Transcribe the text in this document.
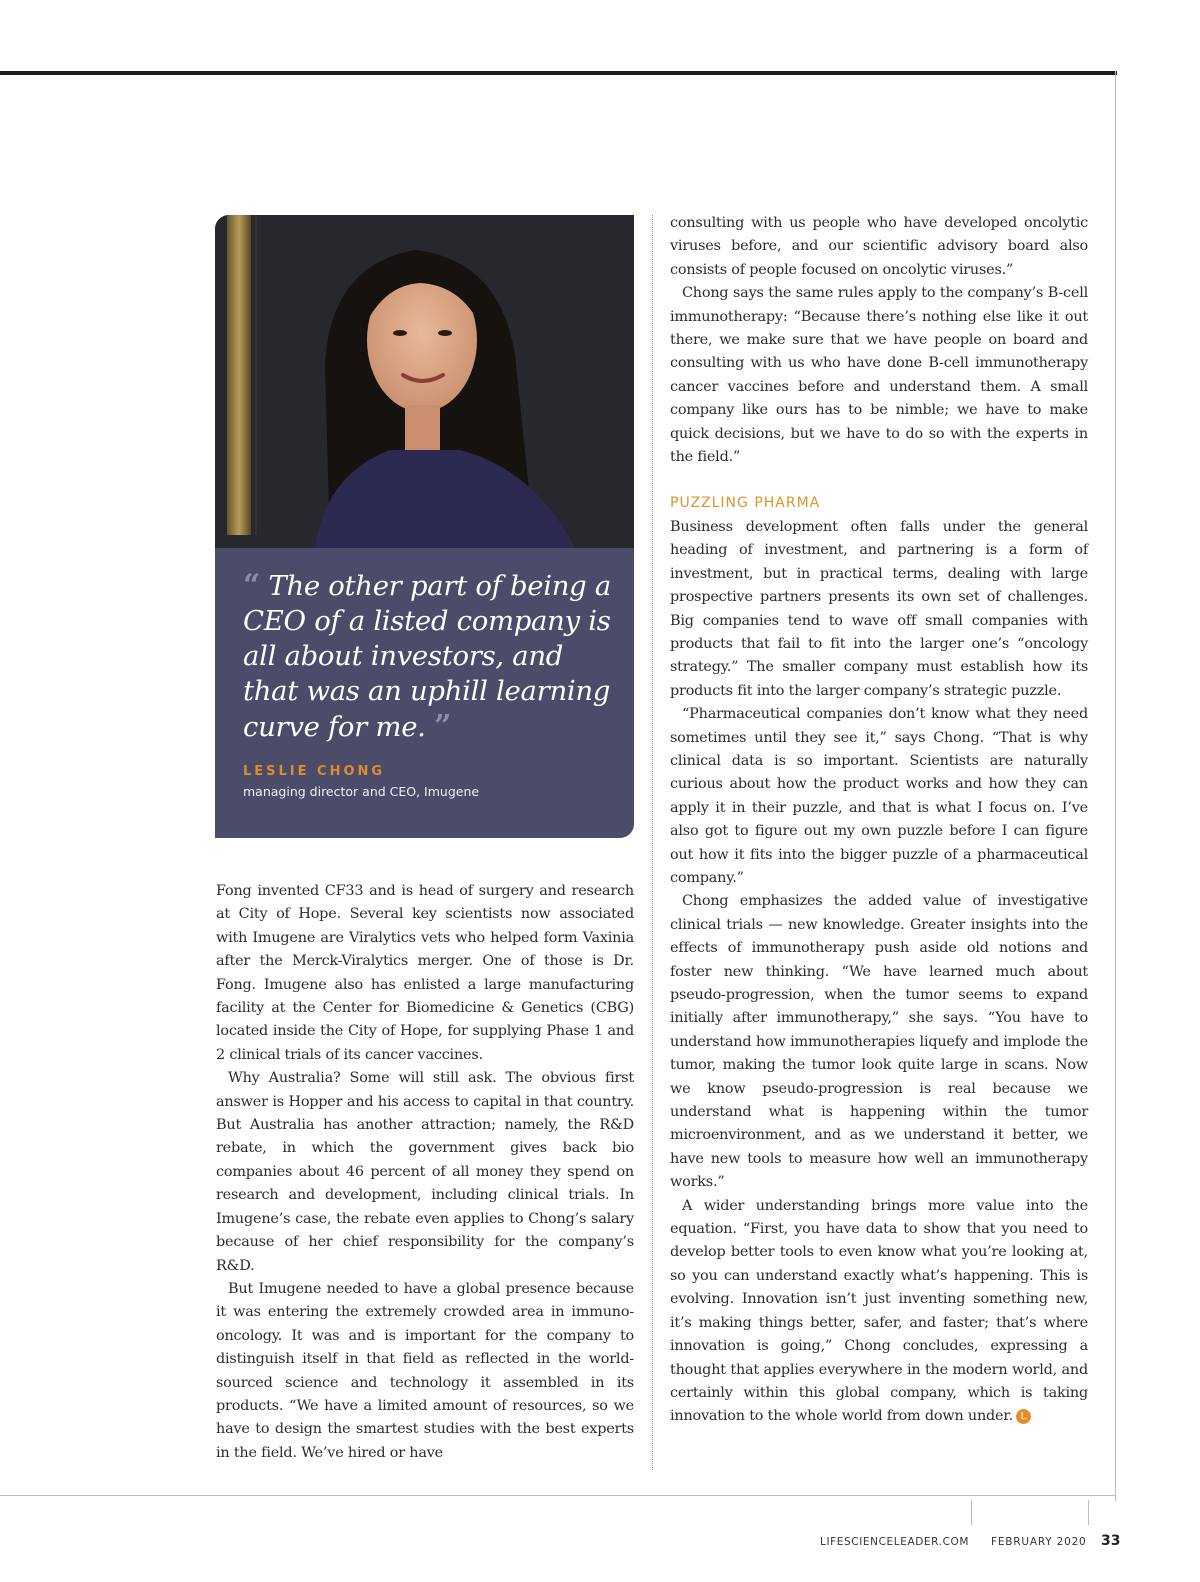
“ The other part of being a CEO of a listed company is all about investors, and that was an uphill learning curve for me. ”
LESLIE CHONG
managing director and CEO, Imugene

Fong invented CF33 and is head of surgery and research at City of Hope. Several key scientists now associated with Imugene are Viralytics vets who helped form Vaxinia after the Merck-Viralytics merger. One of those is Dr. Fong. Imugene also has enlisted a large manufacturing facility at the Center for Biomedicine & Genetics (CBG) located inside the City of Hope, for supplying Phase 1 and 2 clinical trials of its cancer vaccines.

Why Australia? Some will still ask. The obvious first answer is Hopper and his access to capital in that country. But Australia has another attraction; namely, the R&D rebate, in which the government gives back bio companies about 46 percent of all money they spend on research and development, including clinical trials. In Imugene’s case, the rebate even applies to Chong’s salary because of her chief responsibility for the company’s R&D.

But Imugene needed to have a global presence because it was entering the extremely crowded area in immuno-oncology. It was and is important for the company to distinguish itself in that field as reflected in the world-sourced science and technology it assembled in its products. “We have a limited amount of resources, so we have to design the smartest studies with the best experts in the field. We’ve hired or have

consulting with us people who have developed oncolytic viruses before, and our scientific advisory board also consists of people focused on oncolytic viruses.”

Chong says the same rules apply to the company’s B-cell immunotherapy: “Because there’s nothing else like it out there, we make sure that we have people on board and consulting with us who have done B-cell immunotherapy cancer vaccines before and understand them. A small company like ours has to be nimble; we have to make quick decisions, but we have to do so with the experts in the field.”

PUZZLING PHARMA

Business development often falls under the general heading of investment, and partnering is a form of investment, but in practical terms, dealing with large prospective partners presents its own set of challenges. Big companies tend to wave off small companies with products that fail to fit into the larger one’s “oncology strategy.” The smaller company must establish how its products fit into the larger company’s strategic puzzle.

“Pharmaceutical companies don’t know what they need sometimes until they see it,” says Chong. “That is why clinical data is so important. Scientists are naturally curious about how the product works and how they can apply it in their puzzle, and that is what I focus on. I’ve also got to figure out my own puzzle before I can figure out how it fits into the bigger puzzle of a pharmaceutical company.”

Chong emphasizes the added value of investigative clinical trials — new knowledge. Greater insights into the effects of immunotherapy push aside old notions and foster new thinking. “We have learned much about pseudo-progression, when the tumor seems to expand initially after immunotherapy,” she says. “You have to understand how immunotherapies liquefy and implode the tumor, making the tumor look quite large in scans. Now we know pseudo-progression is real because we understand what is happening within the tumor microenvironment, and as we understand it better, we have new tools to measure how well an immunotherapy works.”

A wider understanding brings more value into the equation. “First, you have data to show that you need to develop better tools to even know what you’re looking at, so you can understand exactly what’s happening. This is evolving. Innovation isn’t just inventing something new, it’s making things better, safer, and faster; that’s where innovation is going,” Chong concludes, expressing a thought that applies everywhere in the modern world, and certainly within this global company, which is taking innovation to the whole world from down under. L

LIFESCIENCELEADER.COM FEBRUARY 2020 33
